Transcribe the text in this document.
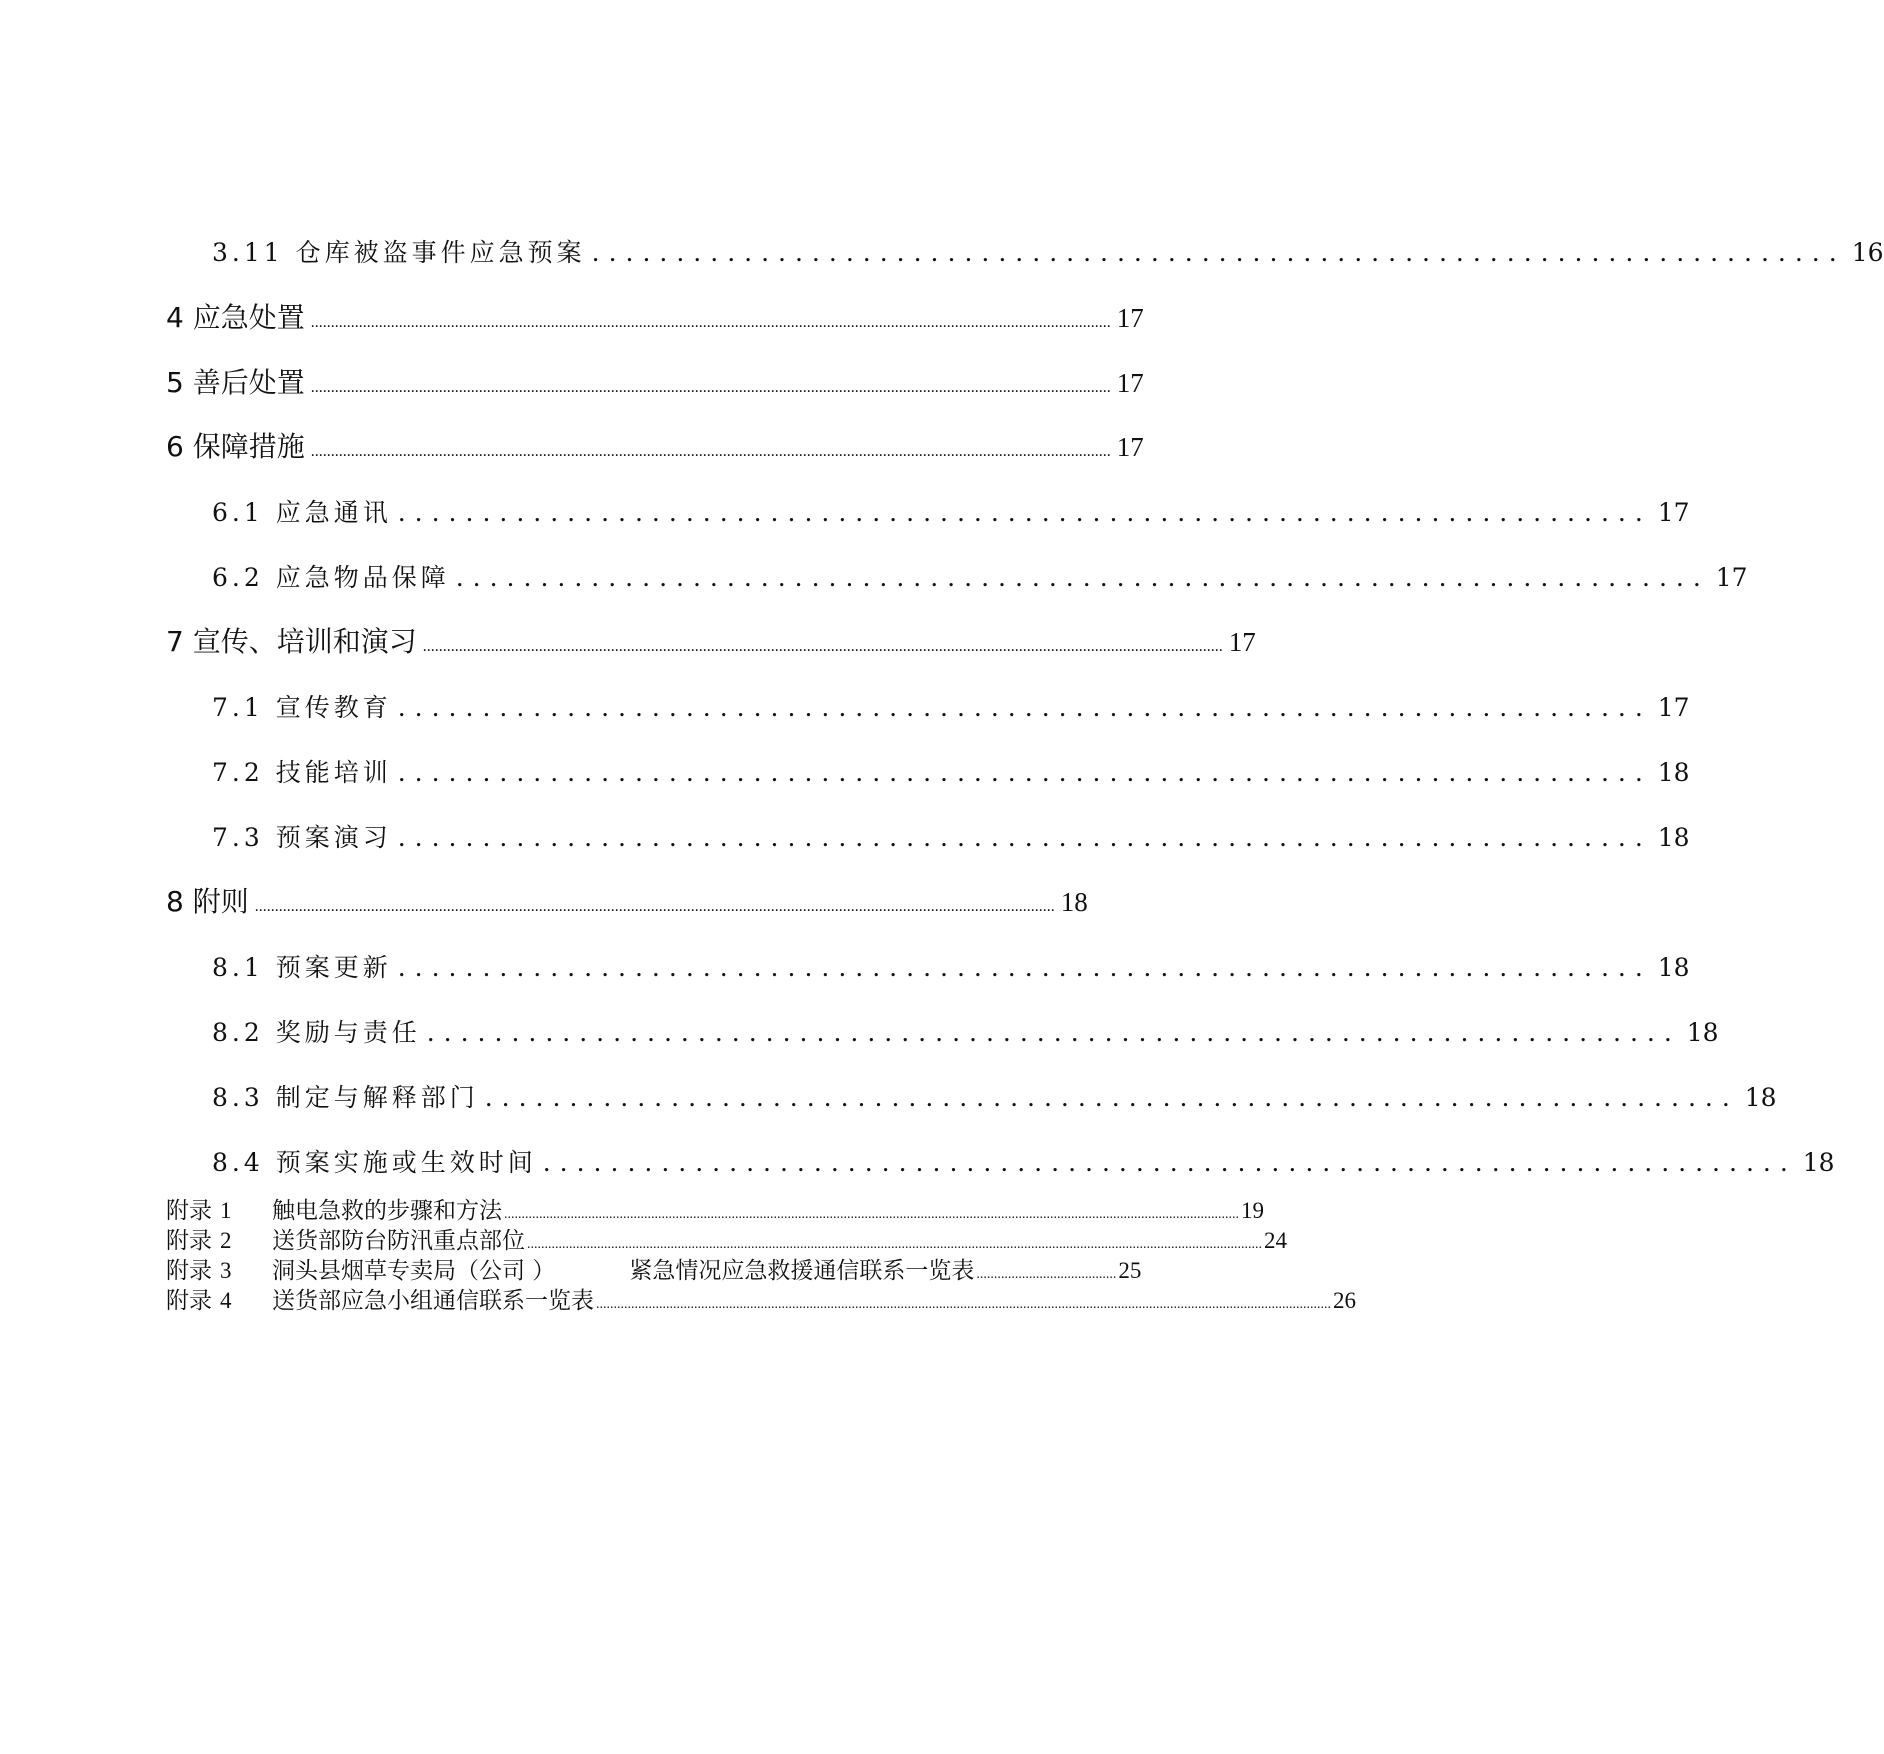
3.11 仓库被盗事件应急预案 .......................................................................... 16
4 应急处置 ........................................................................................................................................................................................................ 17
5 善后处置 ........................................................................................................................................................................................................ 17
6 保障措施 ........................................................................................................................................................................................................ 17
6.1 应急通讯 .......................................................................... 17
6.2 应急物品保障 .......................................................................... 17
7 宣传、培训和演习 ........................................................................................................................................................................................................ 17
7.1 宣传教育 .......................................................................... 17
7.2 技能培训 .......................................................................... 18
7.3 预案演习 .......................................................................... 18
8 附则 ........................................................................................................................................................................................................ 18
8.1 预案更新 .......................................................................... 18
8.2 奖励与责任 .......................................................................... 18
8.3 制定与解释部门 .......................................................................... 18
8.4 预案实施或生效时间 .......................................................................... 18
附录 1	触电急救的步骤和方法 .................................................................................................................................................................................................................. 19
附录 2	送货部防台防汛重点部位 .................................................................................................................................................................................................................. 24
附录 3	洞头县烟草专卖局（公司 ）	紧急情况应急救援通信联系一览表 ........................................ 25
附录 4	送货部应急小组通信联系一览表 .................................................................................................................................................................................................................. 26
